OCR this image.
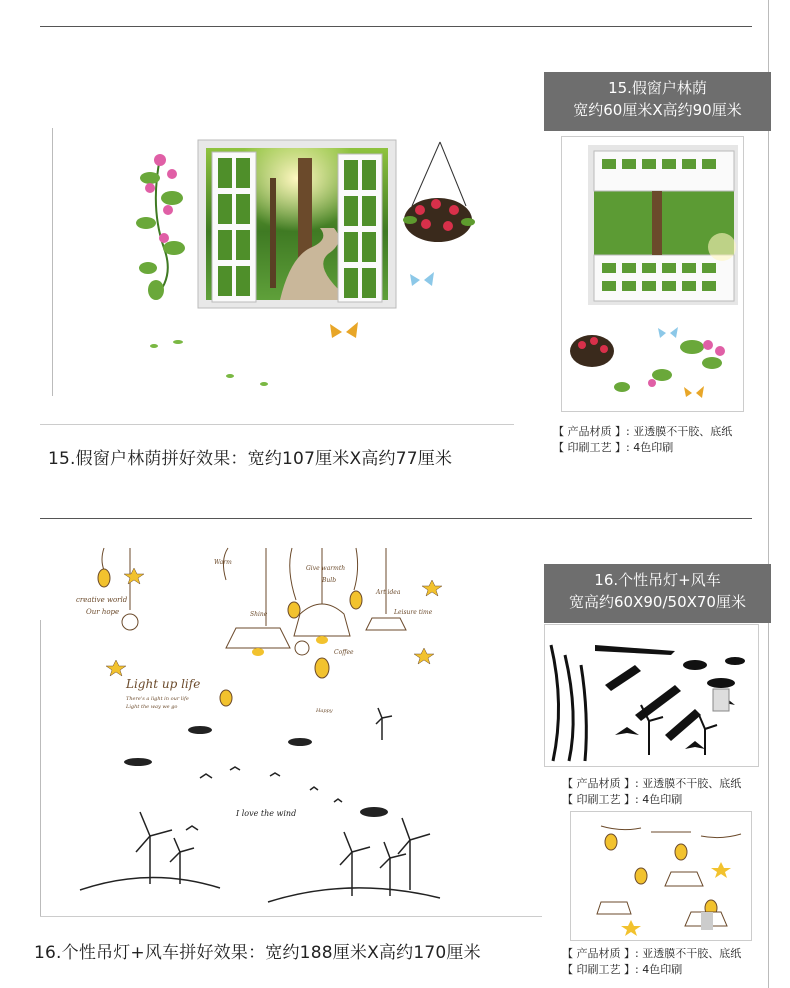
15.假窗户林荫
宽约60厘米X高约90厘米
15.假窗户林荫拼好效果：宽约107厘米X高约77厘米
【 产品材质 】: 亚透膜不干胶、底纸
【 印刷工艺 】: 4色印刷
16.个性吊灯+风车
宽高约60X90/50X70厘米
creative world
Our hope
Warm
Shine
Give warmth
Bulb
Art idea
Leisure time
Coffee
Happy
Light up life
There's a light in our life
Light the way we go
I love the wind
16.个性吊灯+风车拼好效果：宽约188厘米X高约170厘米
【 产品材质 】: 亚透膜不干胶、底纸
【 印刷工艺 】: 4色印刷
【 产品材质 】: 亚透膜不干胶、底纸
【 印刷工艺 】: 4色印刷
